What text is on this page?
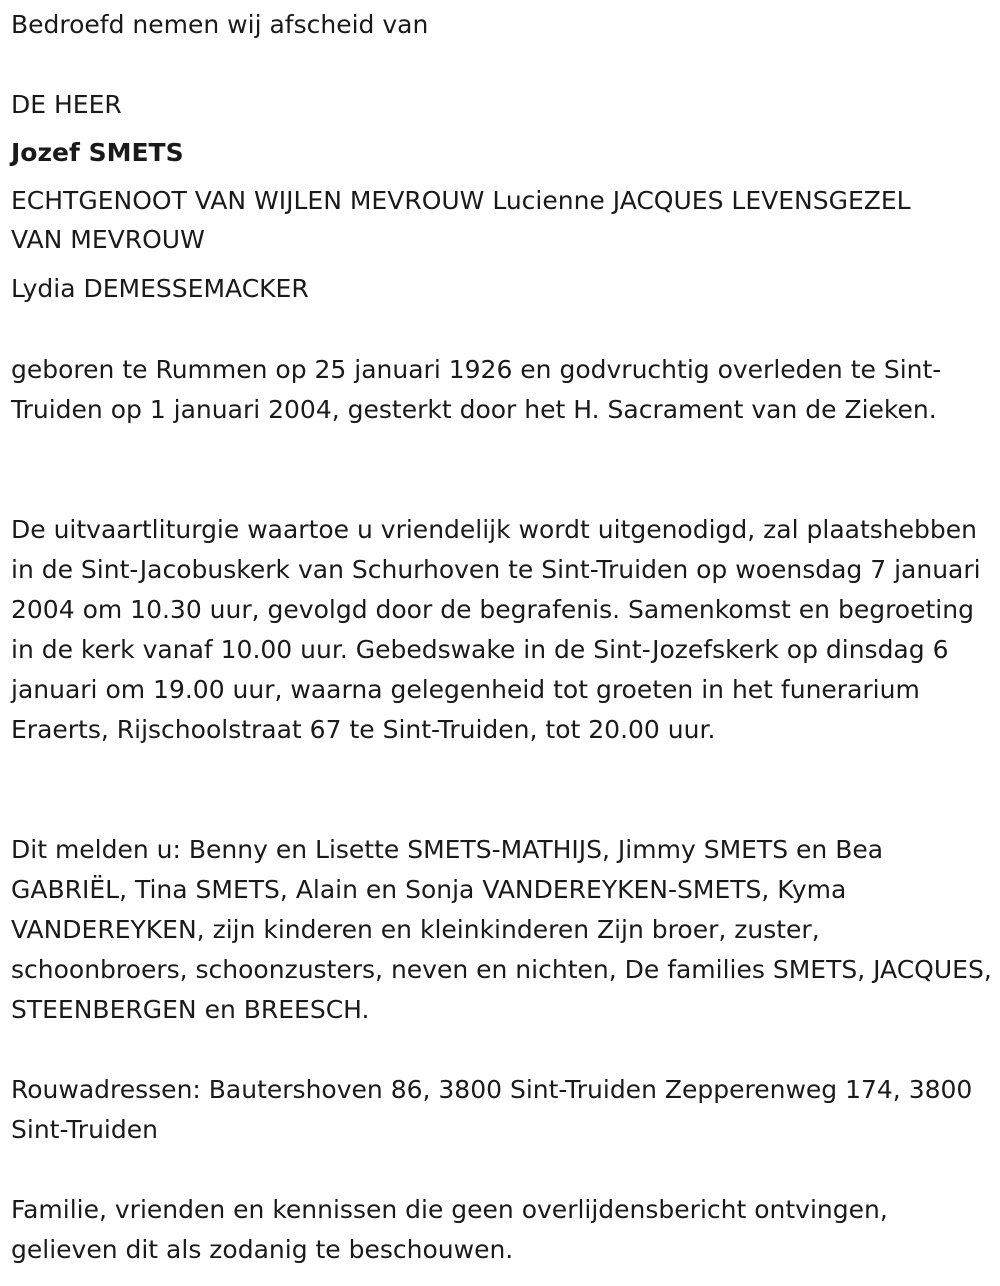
Bedroefd nemen wij afscheid van
DE HEER
Jozef SMETS
ECHTGENOOT VAN WIJLEN MEVROUW Lucienne JACQUES LEVENSGEZEL
VAN MEVROUW
Lydia DEMESSEMACKER
geboren te Rummen op 25 januari 1926 en godvruchtig overleden te Sint-Truiden op 1 januari 2004, gesterkt door het H. Sacrament van de Zieken.
De uitvaartliturgie waartoe u vriendelijk wordt uitgenodigd, zal plaatshebben in de Sint-Jacobuskerk van Schurhoven te Sint-Truiden op woensdag 7 januari 2004 om 10.30 uur, gevolgd door de begrafenis. Samenkomst en begroeting in de kerk vanaf 10.00 uur. Gebedswake in de Sint-Jozefskerk op dinsdag 6 januari om 19.00 uur, waarna gelegenheid tot groeten in het funerarium Eraerts, Rijschoolstraat 67 te Sint-Truiden, tot 20.00 uur.
Dit melden u: Benny en Lisette SMETS-MATHIJS, Jimmy SMETS en Bea GABRIËL, Tina SMETS, Alain en Sonja VANDEREYKEN-SMETS, Kyma VANDEREYKEN, zijn kinderen en kleinkinderen Zijn broer, zuster, schoonbroers, schoonzusters, neven en nichten, De families SMETS, JACQUES, STEENBERGEN en BREESCH.
Rouwadressen: Bautershoven 86, 3800 Sint-Truiden Zepperenweg 174, 3800 Sint-Truiden
Familie, vrienden en kennissen die geen overlijdensbericht ontvingen, gelieven dit als zodanig te beschouwen.
